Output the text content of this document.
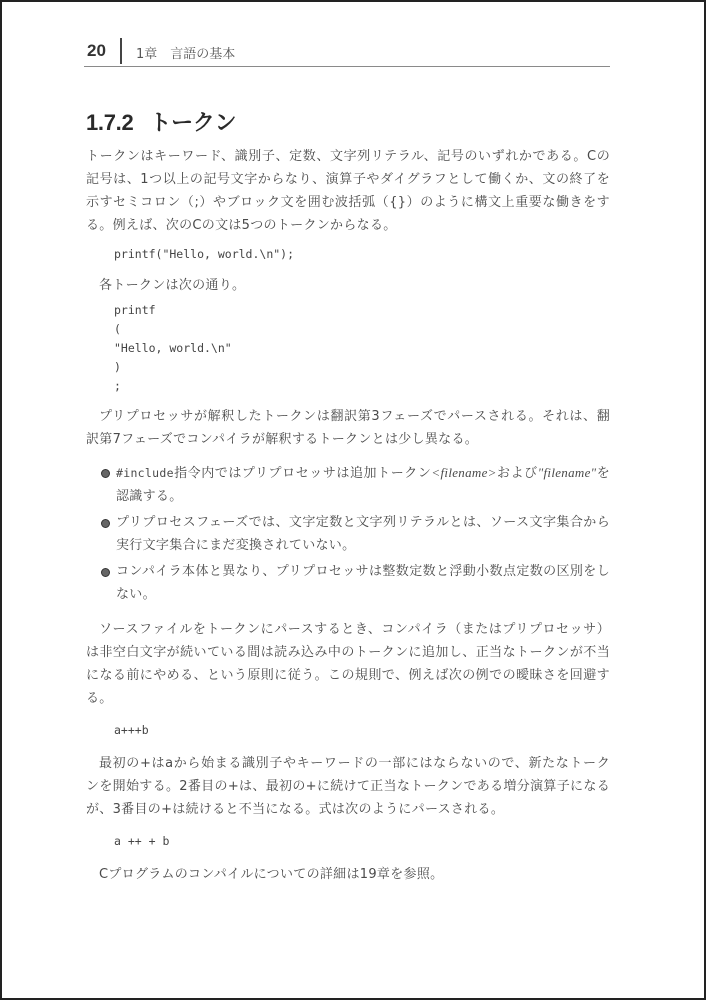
20 1章　言語の基本
1.7.2 トークン

トークンはキーワード、識別子、定数、文字列リテラル、記号のいずれかである。Cの記号は、1つ以上の記号文字からなり、演算子やダイグラフとして働くか、文の終了を示すセミコロン（;）やブロック文を囲む波括弧（{}）のように構文上重要な働きをする。例えば、次のCの文は5つのトークンからなる。

printf("Hello, world.\n");

各トークンは次の通り。

printf
(
"Hello, world.\n"
)
;

プリプロセッサが解釈したトークンは翻訳第3フェーズでパースされる。それは、翻訳第7フェーズでコンパイラが解釈するトークンとは少し異なる。

#include指令内ではプリプロセッサは追加トークン<filename>および"filename"を認識する。
プリプロセスフェーズでは、文字定数と文字列リテラルとは、ソース文字集合から実行文字集合にまだ変換されていない。
コンパイラ本体と異なり、プリプロセッサは整数定数と浮動小数点定数の区別をしない。

ソースファイルをトークンにパースするとき、コンパイラ（またはプリプロセッサ）は非空白文字が続いている間は読み込み中のトークンに追加し、正当なトークンが不当になる前にやめる、という原則に従う。この規則で、例えば次の例での曖昧さを回避する。

a+++b

最初の+はaから始まる識別子やキーワードの一部にはならないので、新たなトークンを開始する。2番目の+は、最初の+に続けて正当なトークンである増分演算子になるが、3番目の+は続けると不当になる。式は次のようにパースされる。

a ++ + b

Cプログラムのコンパイルについての詳細は19章を参照。
